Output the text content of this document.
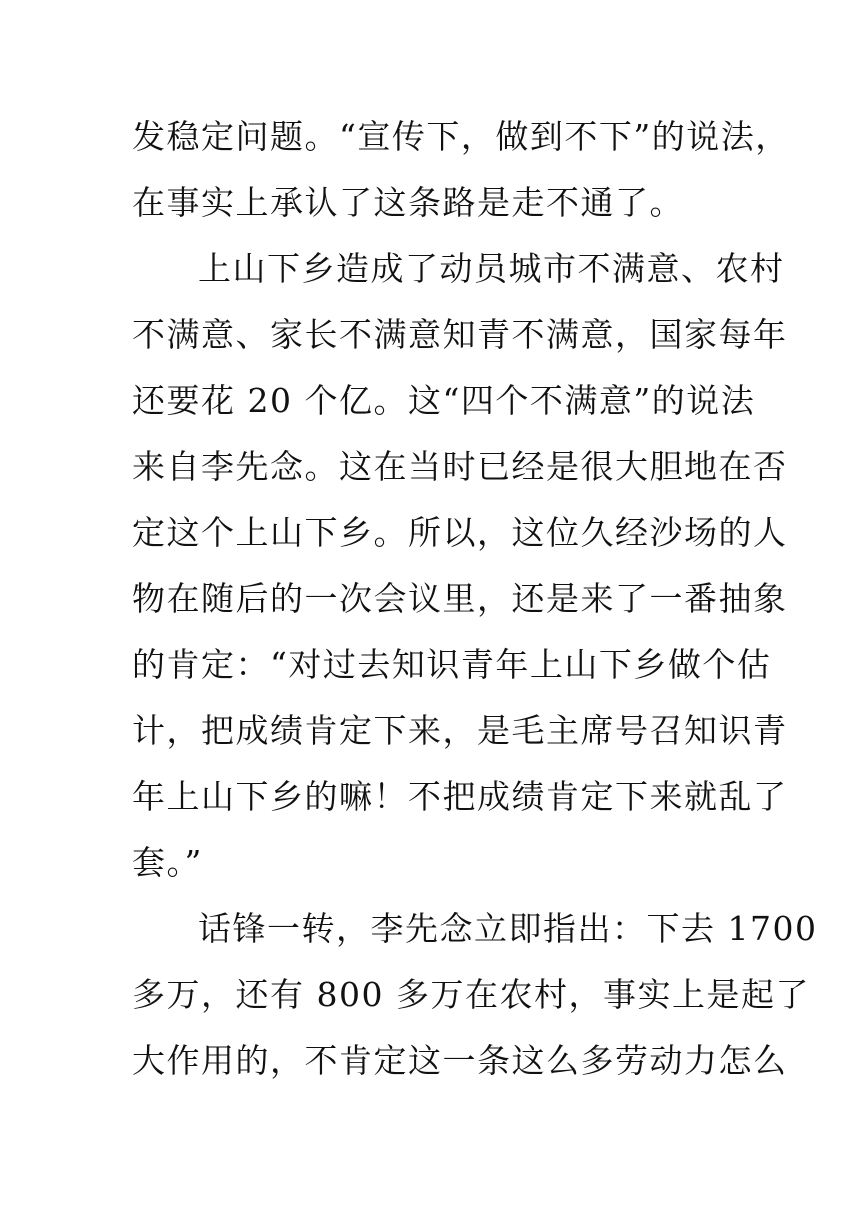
发稳定问题。“宣传下，做到不下”的说法，
在事实上承认了这条路是走不通了。
上山下乡造成了动员城市不满意、农村
不满意、家长不满意知青不满意，国家每年
还要花 20 个亿。这“四个不满意”的说法
来自李先念。这在当时已经是很大胆地在否
定这个上山下乡。所以，这位久经沙场的人
物在随后的一次会议里，还是来了一番抽象
的肯定：“对过去知识青年上山下乡做个估
计，把成绩肯定下来，是毛主席号召知识青
年上山下乡的嘛！不把成绩肯定下来就乱了
套。”
话锋一转，李先念立即指出：下去 1700
多万，还有 800 多万在农村，事实上是起了
大作用的，不肯定这一条这么多劳动力怎么
